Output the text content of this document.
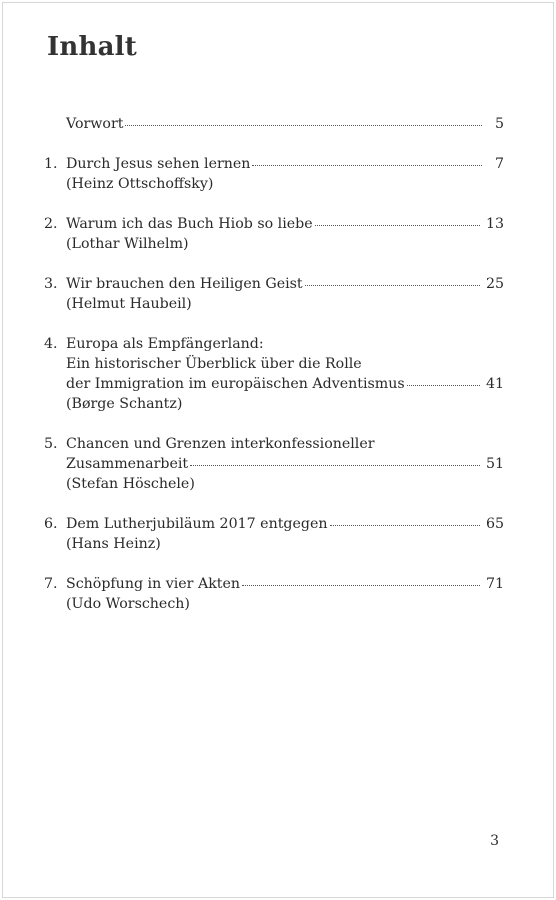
Inhalt
Vorwort	5
1. Durch Jesus sehen lernen	7
(Heinz Ottschoffsky)
2. Warum ich das Buch Hiob so liebe	13
(Lothar Wilhelm)
3. Wir brauchen den Heiligen Geist	25
(Helmut Haubeil)
4. Europa als Empfängerland:
Ein historischer Überblick über die Rolle
der Immigration im europäischen Adventismus	41
(Børge Schantz)
5. Chancen und Grenzen interkonfessioneller
Zusammenarbeit	51
(Stefan Höschele)
6. Dem Lutherjubiläum 2017 entgegen	65
(Hans Heinz)
7. Schöpfung in vier Akten	71
(Udo Worschech)
3
